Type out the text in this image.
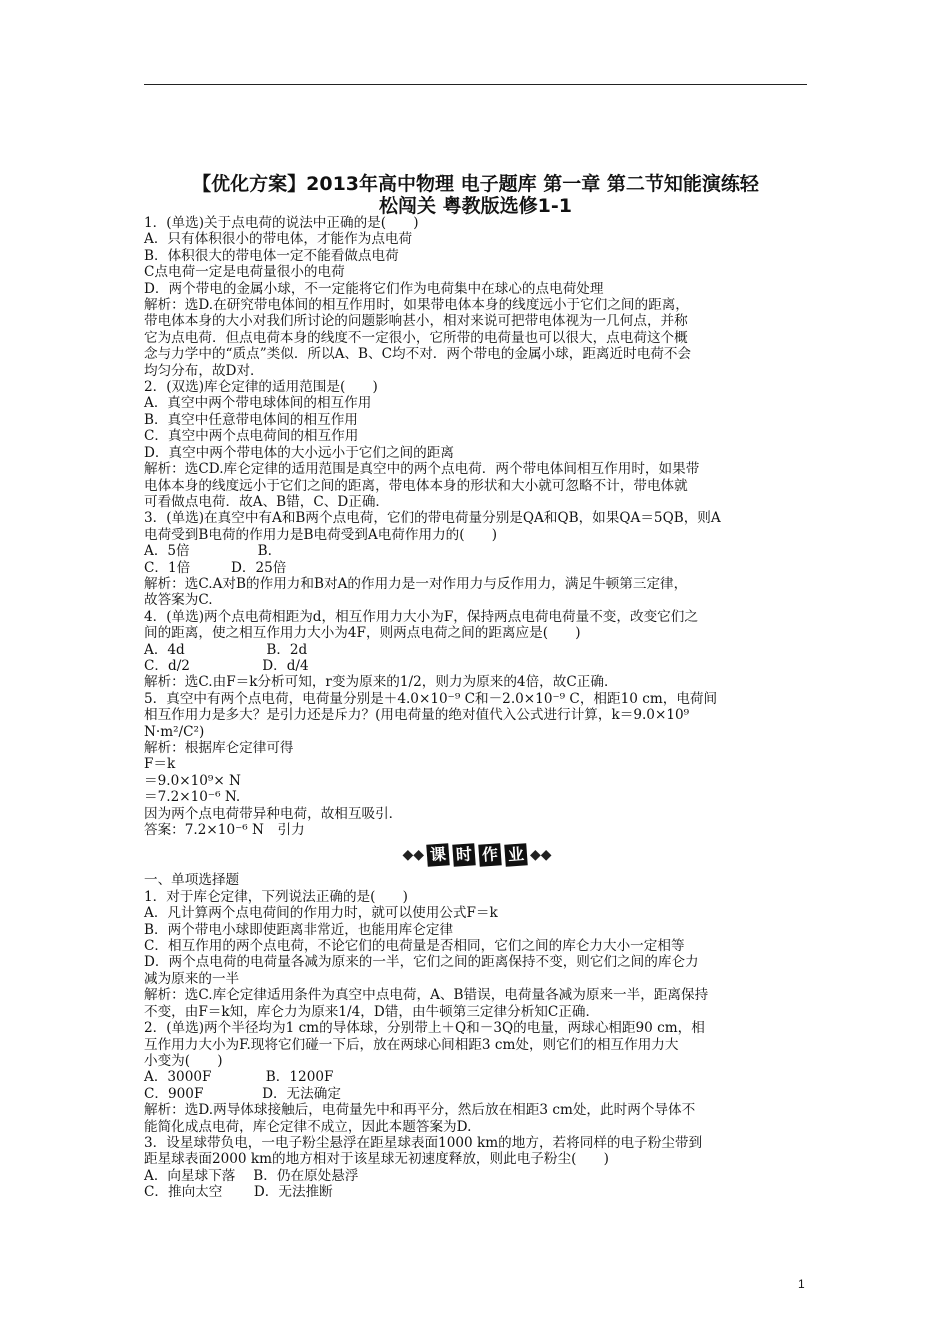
【优化方案】2013年高中物理 电子题库 第一章 第二节知能演练轻
松闯关 粤教版选修1-1
1．(单选)关于点电荷的说法中正确的是(　　)
A．只有体积很小的带电体，才能作为点电荷
B．体积很大的带电体一定不能看做点电荷
C点电荷一定是电荷量很小的电荷
D．两个带电的金属小球，不一定能将它们作为电荷集中在球心的点电荷处理
解析：选D.在研究带电体间的相互作用时，如果带电体本身的线度远小于它们之间的距离，
带电体本身的大小对我们所讨论的问题影响甚小，相对来说可把带电体视为一几何点，并称
它为点电荷．但点电荷本身的线度不一定很小，它所带的电荷量也可以很大，点电荷这个概
念与力学中的“质点”类似．所以A、B、C均不对．两个带电的金属小球，距离近时电荷不会
均匀分布，故D对．
2．(双选)库仑定律的适用范围是(　　)
A．真空中两个带电球体间的相互作用
B．真空中任意带电体间的相互作用
C．真空中两个点电荷间的相互作用
D．真空中两个带电体的大小远小于它们之间的距离
解析：选CD.库仑定律的适用范围是真空中的两个点电荷．两个带电体间相互作用时，如果带
电体本身的线度远小于它们之间的距离，带电体本身的形状和大小就可忽略不计，带电体就
可看做点电荷．故A、B错，C、D正确．
3．(单选)在真空中有A和B两个点电荷，它们的带电荷量分别是QA和QB，如果QA＝5QB，则A
电荷受到B电荷的作用力是B电荷受到A电荷作用力的(　　)
A．5倍　　　　　B.
C．1倍　　　D．25倍
解析：选C.A对B的作用力和B对A的作用力是一对作用力与反作用力，满足牛顿第三定律，
故答案为C.
4．(单选)两个点电荷相距为d，相互作用力大小为F，保持两点电荷电荷量不变，改变它们之
间的距离，使之相互作用力大小为4F，则两点电荷之间的距离应是(　　)
A．4d　　　　　　B．2d
C．d/2　　　　　 D．d/4
解析：选C.由F＝k分析可知，r变为原来的1/2，则力为原来的4倍，故C正确．
5．真空中有两个点电荷，电荷量分别是＋4.0×10⁻⁹ C和－2.0×10⁻⁹ C，相距10 cm，电荷间
相互作用力是多大？是引力还是斥力？(用电荷量的绝对值代入公式进行计算，k＝9.0×10⁹
N·m²/C²)
解析：根据库仑定律可得
F＝k
＝9.0×10⁹× N
＝7.2×10⁻⁶ N.
因为两个点电荷带异种电荷，故相互吸引．
答案：7.2×10⁻⁶ N　引力
◆◆ 课 时 作 业 ◆◆
一、单项选择题
1．对于库仑定律，下列说法正确的是(　　)
A．凡计算两个点电荷间的作用力时，就可以使用公式F＝k
B．两个带电小球即使距离非常近，也能用库仑定律
C．相互作用的两个点电荷，不论它们的电荷量是否相同，它们之间的库仑力大小一定相等
D．两个点电荷的电荷量各减为原来的一半，它们之间的距离保持不变，则它们之间的库仑力
减为原来的一半
解析：选C.库仑定律适用条件为真空中点电荷，A、B错误，电荷量各减为原来一半，距离保持
不变，由F＝k知，库仑力为原来1/4，D错，由牛顿第三定律分析知C正确．
2．(单选)两个半径均为1 cm的导体球，分别带上＋Q和－3Q的电量，两球心相距90 cm，相
互作用力大小为F.现将它们碰一下后，放在两球心间相距3 cm处，则它们的相互作用力大
小变为(　　)
A．3000F　　　　B．1200F
C．900F　　　　 D．无法确定
解析：选D.两导体球接触后，电荷量先中和再平分，然后放在相距3 cm处，此时两个导体不
能简化成点电荷，库仑定律不成立，因此本题答案为D.
3．设星球带负电，一电子粉尘悬浮在距星球表面1000 km的地方，若将同样的电子粉尘带到
距星球表面2000 km的地方相对于该星球无初速度释放，则此电子粉尘(　　)
A．向星球下落　 B．仍在原处悬浮
C．推向太空　　 D．无法推断
1
